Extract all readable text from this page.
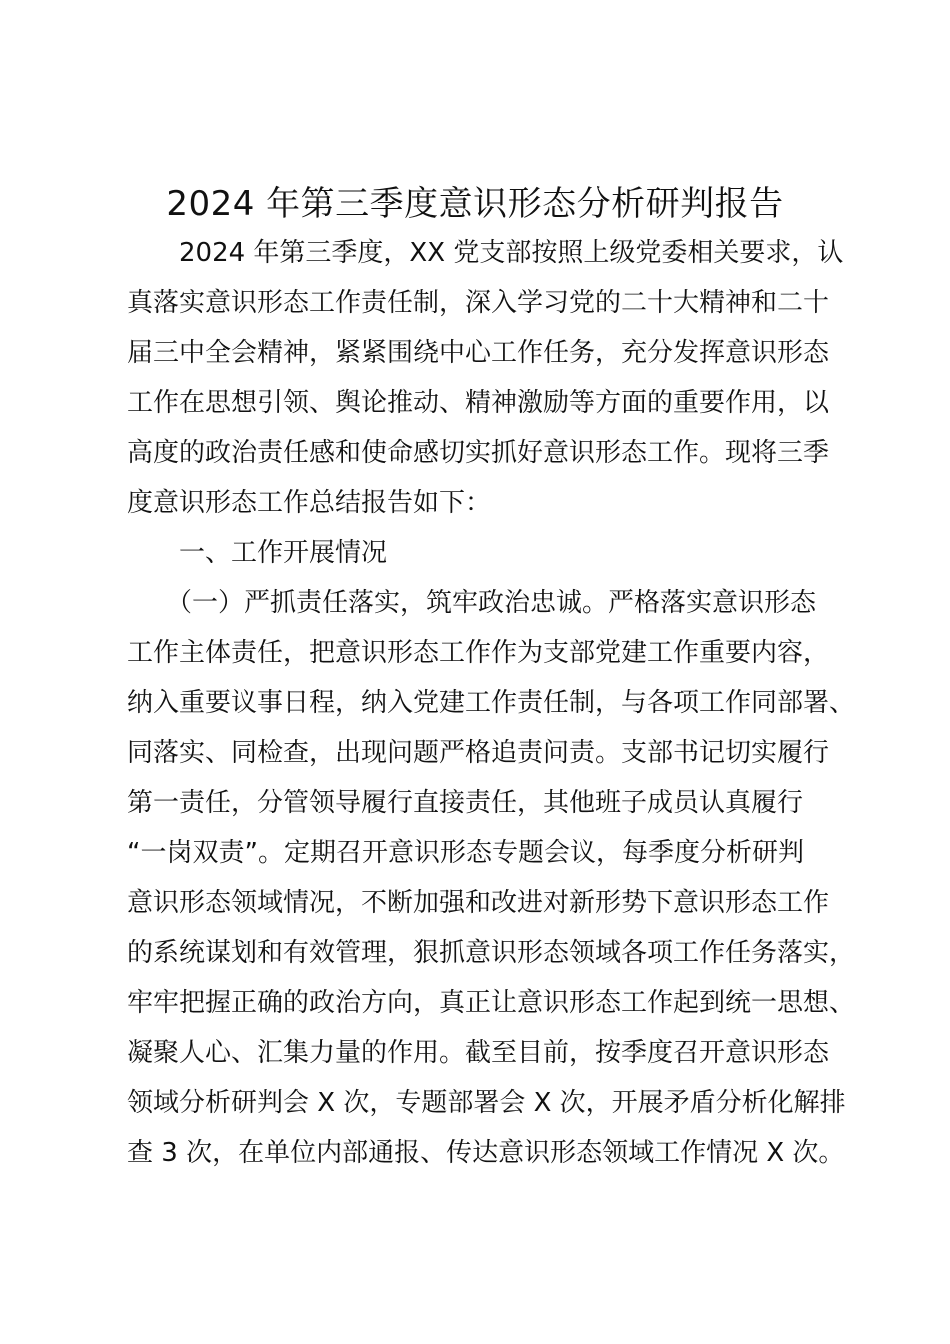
2024 年第三季度意识形态分析研判报告
　　2024 年第三季度，XX 党支部按照上级党委相关要求，认
真落实意识形态工作责任制，深入学习党的二十大精神和二十
届三中全会精神，紧紧围绕中心工作任务，充分发挥意识形态
工作在思想引领、舆论推动、精神激励等方面的重要作用，以
高度的政治责任感和使命感切实抓好意识形态工作。现将三季
度意识形态工作总结报告如下：
　　一、工作开展情况
　　（一）严抓责任落实，筑牢政治忠诚。严格落实意识形态
工作主体责任，把意识形态工作作为支部党建工作重要内容，
纳入重要议事日程，纳入党建工作责任制，与各项工作同部署、
同落实、同检查，出现问题严格追责问责。支部书记切实履行
第一责任，分管领导履行直接责任，其他班子成员认真履行
“一岗双责”。定期召开意识形态专题会议，每季度分析研判
意识形态领域情况，不断加强和改进对新形势下意识形态工作
的系统谋划和有效管理，狠抓意识形态领域各项工作任务落实，
牢牢把握正确的政治方向，真正让意识形态工作起到统一思想、
凝聚人心、汇集力量的作用。截至目前，按季度召开意识形态
领域分析研判会 X 次，专题部署会 X 次，开展矛盾分析化解排
查 3 次，在单位内部通报、传达意识形态领域工作情况 X 次。
